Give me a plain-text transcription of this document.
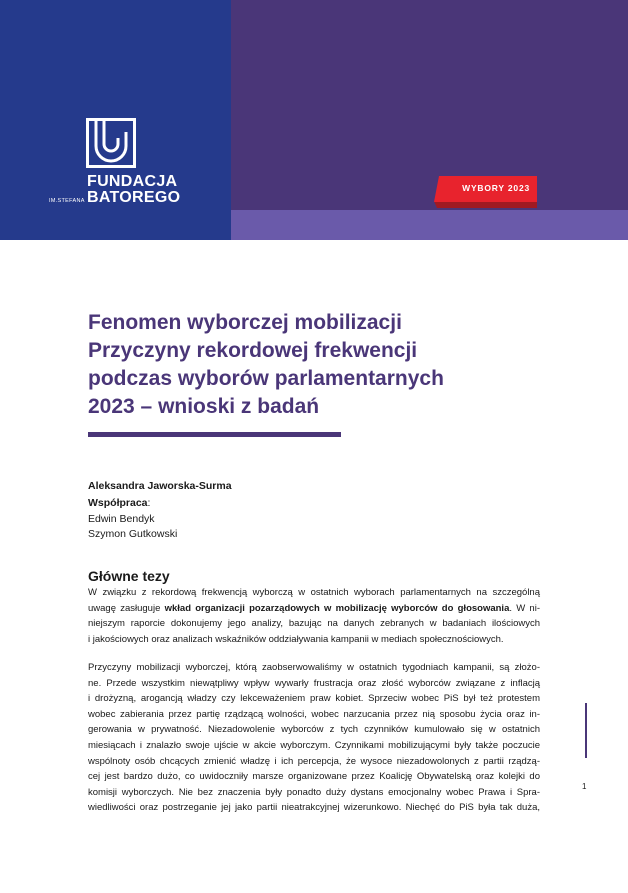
FUNDACJA
IM.STEFANA BATOREGO
WYBORY 2023
Fenomen wyborczej mobilizacji
Przyczyny rekordowej frekwencji
podczas wyborów parlamentarnych
2023 – wnioski z badań
Aleksandra Jaworska-Surma
Współpraca:
Edwin Bendyk
Szymon Gutkowski
Główne tezy
W związku z rekordową frekwencją wyborczą w ostatnich wyborach parlamentarnych na szczególną
uwagę zasługuje wkład organizacji pozarządowych w mobilizację wyborców do głosowania. W ni-
niejszym raporcie dokonujemy jego analizy, bazując na danych zebranych w badaniach ilościowych
i jakościowych oraz analizach wskaźników oddziaływania kampanii w mediach społecznościowych.
Przyczyny mobilizacji wyborczej, którą zaobserwowaliśmy w ostatnich tygodniach kampanii, są złożo-
ne. Przede wszystkim niewątpliwy wpływ wywarły frustracja oraz złość wyborców związane z inflacją
i drożyzną, arogancją władzy czy lekceważeniem praw kobiet. Sprzeciw wobec PiS był też protestem
wobec zabierania przez partię rządzącą wolności, wobec narzucania przez nią sposobu życia oraz in-
gerowania w prywatność. Niezadowolenie wyborców z tych czynników kumulowało się w ostatnich
miesiącach i znalazło swoje ujście w akcie wyborczym. Czynnikami mobilizującymi były także poczucie
wspólnoty osób chcących zmienić władzę i ich percepcja, że wysoce niezadowolonych z partii rządzą-
cej jest bardzo dużo, co uwidoczniły marsze organizowane przez Koalicję Obywatelską oraz kolejki do
komisji wyborczych. Nie bez znaczenia były ponadto duży dystans emocjonalny wobec Prawa i Spra-
wiedliwości oraz postrzeganie jej jako partii nieatrakcyjnej wizerunkowo. Niechęć do PiS była tak duża,
1
